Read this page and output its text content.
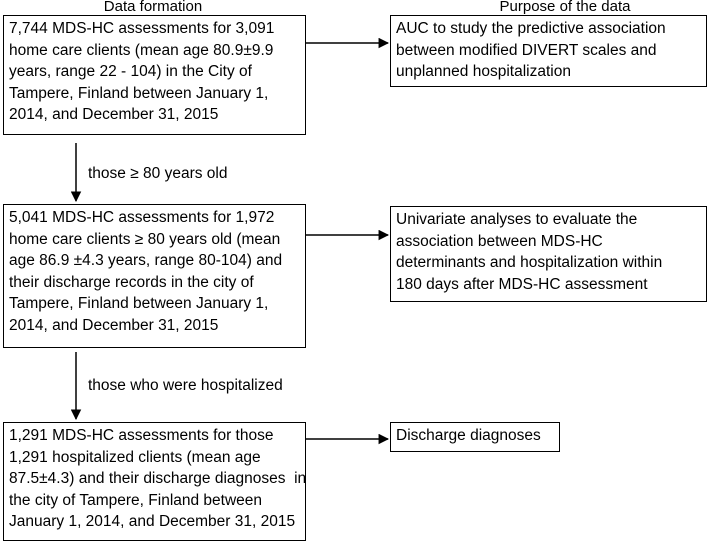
Data formation	Purpose of the data
7,744 MDS-HC assessments for 3,091
home care clients (mean age 80.9±9.9
years, range 22 - 104) in the City of
Tampere, Finland between January 1,
2014, and December 31, 2015
5,041 MDS-HC assessments for 1,972
home care clients ≥ 80 years old (mean
age 86.9 ±4.3 years, range 80-104) and
their discharge records in the city of
Tampere, Finland between January 1,
2014, and December 31, 2015
1,291 MDS-HC assessments for those
1,291 hospitalized clients (mean age
87.5±4.3) and their discharge diagnoses  in
the city of Tampere, Finland between
January 1, 2014, and December 31, 2015
AUC to study the predictive association
between modified DIVERT scales and
unplanned hospitalization
Univariate analyses to evaluate the
association between MDS-HC
determinants and hospitalization within
180 days after MDS-HC assessment
Discharge diagnoses
those ≥ 80 years old
those who were hospitalized
